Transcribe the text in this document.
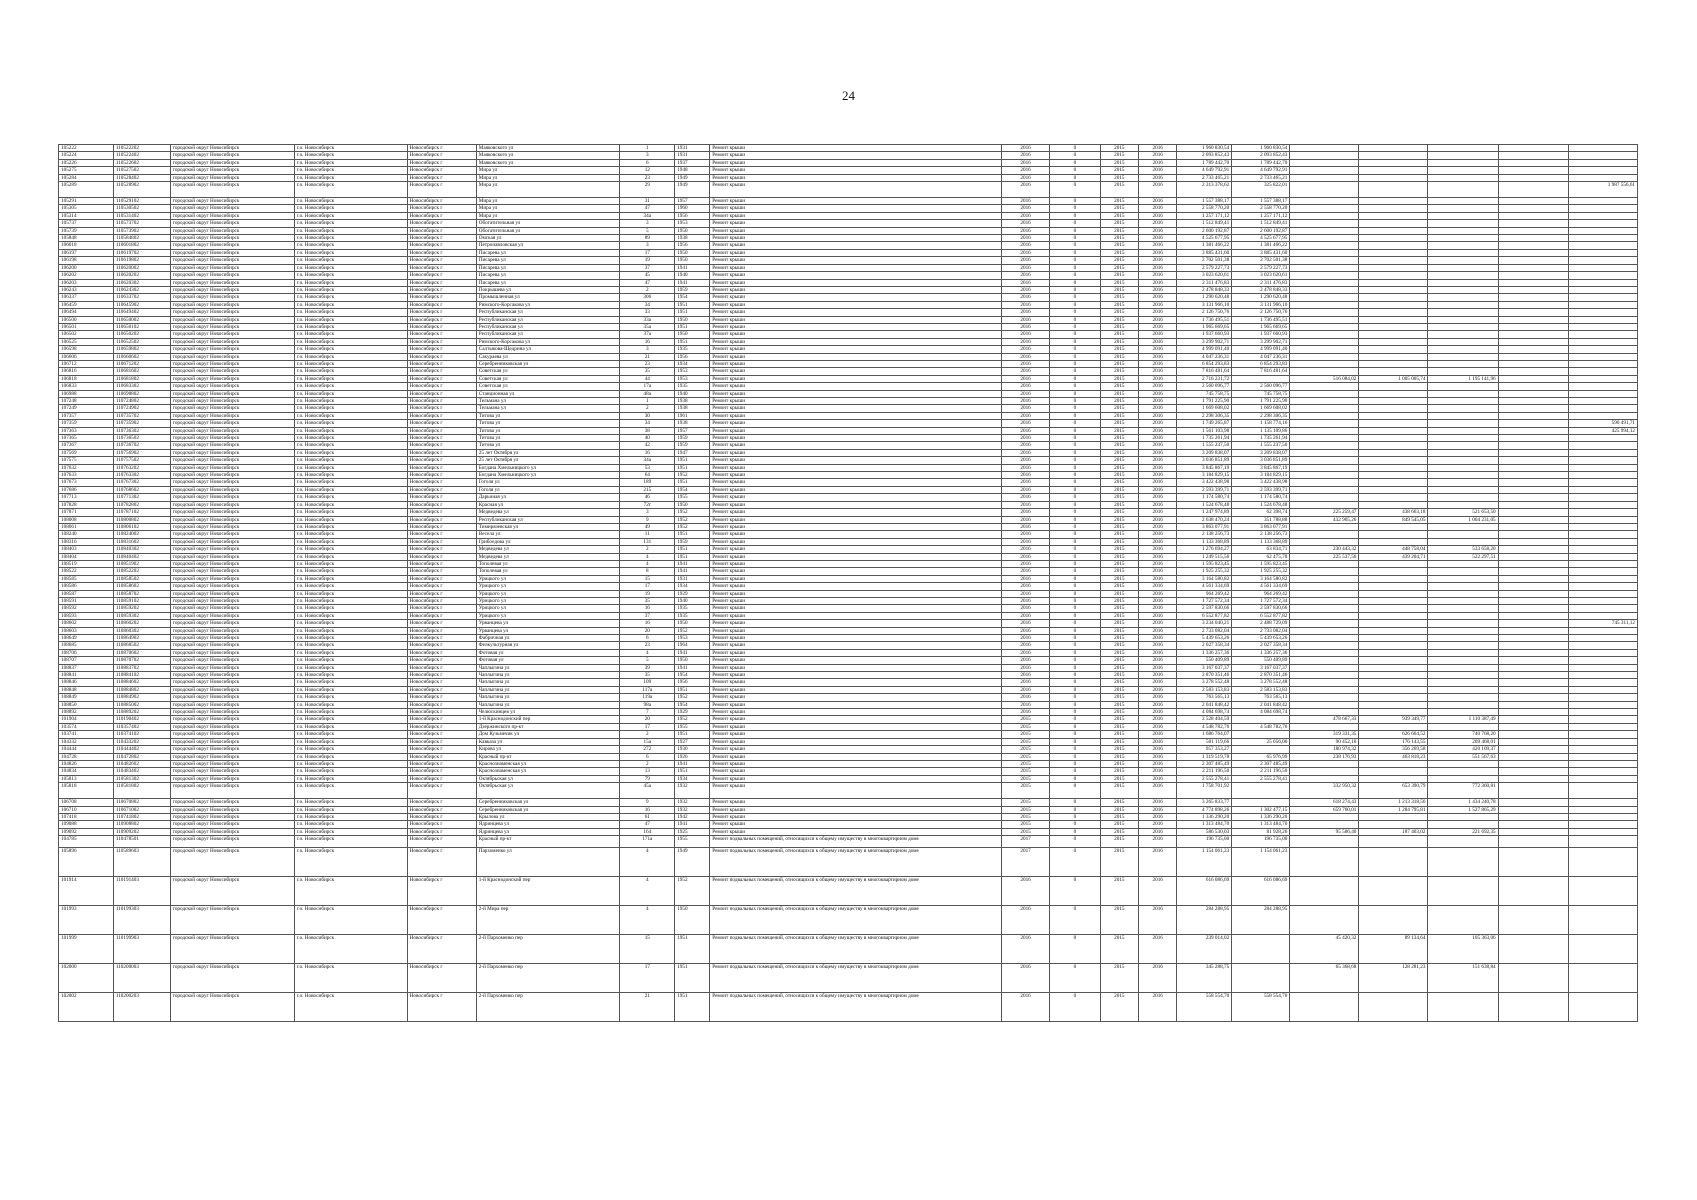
24
105222	110522202	городской округ Новосибирск	г.о. Новосибирск	Новосибирск г	Маяковского ул	1	1931	Ремонт крыши	2016	0	2015	2016	1 960 830,54	1 960 830,54					
105224	110522402	городской округ Новосибирск	г.о. Новосибирск	Новосибирск г	Маяковского ул	3	1931	Ремонт крыши	2016	0	2015	2016	2 093 852,43	2 093 852,43					
105226	110522602	городской округ Новосибирск	г.о. Новосибирск	Новосибирск г	Маяковского ул	6	1937	Ремонт крыши	2016	0	2015	2016	1 789 442,70	1 789 442,70					
105275	110527502	городской округ Новосибирск	г.о. Новосибирск	Новосибирск г	Мира ул	12	1948	Ремонт крыши	2016	0	2015	2016	4 649 792,91	4 649 792,91					
105284	110528402	городской округ Новосибирск	г.о. Новосибирск	Новосибирск г	Мира ул	23	1949	Ремонт крыши	2016	0	2015	2016	2 733 465,21	2 733 465,21					
105289	110528902	городской округ Новосибирск	г.о. Новосибирск	Новосибирск г	Мира ул	29	1949	Ремонт крыши	2016	0	2015	2016	2 313 378,62	325 822,01					1 987 556,61
105291	110529102	городской округ Новосибирск	г.о. Новосибирск	Новосибирск г	Мира ул	31	1957	Ремонт крыши	2016	0	2015	2016	1 557 388,17	1 557 388,17					
105305	110530502	городской округ Новосибирск	г.о. Новосибирск	Новосибирск г	Мира ул	47	1960	Ремонт крыши	2016	0	2015	2016	2 558 770,20	2 558 770,20					
105314	110531402	городской округ Новосибирск	г.о. Новосибирск	Новосибирск г	Мира ул	34а	1956	Ремонт крыши	2016	0	2015	2016	1 257 171,12	1 257 171,12					
105737	110573702	городской округ Новосибирск	г.о. Новосибирск	Новосибирск г	Обогатительная ул	3	1953	Ремонт крыши	2016	0	2015	2016	1 512 849,41	1 512 849,41					
105739	110573902	городской округ Новосибирск	г.о. Новосибирск	Новосибирск г	Обогатительная ул	5	1950	Ремонт крыши	2016	0	2015	2016	2 600 192,87	2 600 192,87					
105848	110584802	городской округ Новосибирск	г.о. Новосибирск	Новосибирск г	Омская ул	89	1938	Ремонт крыши	2016	0	2015	2016	4 525 677,95	4 525 677,95					
106018	110601802	городской округ Новосибирск	г.о. Новосибирск	Новосибирск г	Петропавловская ул	3	1956	Ремонт крыши	2016	0	2015	2016	1 381 466,22	1 381 466,22					
106197	110619702	городской округ Новосибирск	г.о. Новосибирск	Новосибирск г	Писарева ул	17	1950	Ремонт крыши	2016	0	2015	2016	3 885 431,60	3 885 431,60					
106198	110619802	городской округ Новосибирск	г.о. Новосибирск	Новосибирск г	Писарева ул	19	1950	Ремонт крыши	2016	0	2015	2016	2 702 501,38	2 702 501,38					
106200	110620002	городской округ Новосибирск	г.о. Новосибирск	Новосибирск г	Писарева ул	37	1941	Ремонт крыши	2016	0	2015	2016	2 579 227,73	2 579 227,73					
106202	110620202	городской округ Новосибирск	г.о. Новосибирск	Новосибирск г	Писарева ул	45	1940	Ремонт крыши	2016	0	2015	2016	3 023 620,61	3 023 620,61					
106203	110620302	городской округ Новосибирск	г.о. Новосибирск	Новосибирск г	Писарева ул	47	1941	Ремонт крыши	2016	0	2015	2016	2 311 476,83	2 311 476,83					
106243	110624302	городской округ Новосибирск	г.о. Новосибирск	Новосибирск г	Покрышева ул	2	1959	Ремонт крыши	2016	0	2015	2016	2 478 848,33	2 478 848,33					
106337	110633702	городской округ Новосибирск	г.о. Новосибирск	Новосибирск г	Промышленная ул	306	1954	Ремонт крыши	2016	0	2015	2016	1 290 620,48	1 290 620,48					
106459	110645902	городской округ Новосибирск	г.о. Новосибирск	Новосибирск г	Римского-Корсакова ул	34	1951	Ремонт крыши	2016	0	2015	2016	3 131 966,10	3 131 966,10					
106494	110649402	городской округ Новосибирск	г.о. Новосибирск	Новосибирск г	Республиканская ул	33	1951	Ремонт крыши	2016	0	2015	2016	2 126 750,76	2 126 750,76					
106500	110650002	городской округ Новосибирск	г.о. Новосибирск	Новосибирск г	Республиканская ул	33а	1950	Ремонт крыши	2016	0	2015	2016	1 736 495,51	1 736 495,51					
106501	110650102	городской округ Новосибирск	г.о. Новосибирск	Новосибирск г	Республиканская ул	35а	1951	Ремонт крыши	2016	0	2015	2016	1 965 669,65	1 965 669,65					
106502	110650202	городской округ Новосибирск	г.о. Новосибирск	Новосибирск г	Республиканская ул	37а	1950	Ремонт крыши	2016	0	2015	2016	1 937 660,93	1 937 660,93					
106525	110652502	городской округ Новосибирск	г.о. Новосибирск	Новосибирск г	Римского-Корсакова ул	16	1951	Ремонт крыши	2016	0	2015	2016	3 299 902,71	3 299 902,71					
106598	110659802	городской округ Новосибирск	г.о. Новосибирск	Новосибирск г	Салтыкова-Щедрина ул	3	1935	Ремонт крыши	2016	0	2015	2016	4 999 091,40	4 999 091,40					
106606	110660602	городской округ Новосибирск	г.о. Новосибирск	Новосибирск г	Сакураева ул	21	1956	Ремонт крыши	2016	0	2015	2016	4 047 236,31	4 047 236,31					
106712	110671202	городской округ Новосибирск	г.о. Новосибирск	Новосибирск г	Серебренниковская ул	23	1934	Ремонт крыши	2016	0	2015	2016	6 854 293,83	6 854 293,83					
106816	110681602	городской округ Новосибирск	г.о. Новосибирск	Новосибирск г	Советская ул	35	1953	Ремонт крыши	2016	0	2015	2016	7 816 481,64	7 816 481,64					
106818	110681802	городской округ Новосибирск	г.о. Новосибирск	Новосибирск г	Советская ул	44	1953	Ремонт крыши	2016	0	2015	2016	2 716 231,72		516 084,02	1 005 005,74	1 195 141,96		
106833	110683302	городской округ Новосибирск	г.о. Новосибирск	Новосибирск г	Советская ул	17а	1935	Ремонт крыши	2016	0	2015	2016	2 560 096,77	2 560 096,77					
106988	110698802	городской округ Новосибирск	г.о. Новосибирск	Новосибирск г	Станционная ул	48а	1940	Ремонт крыши	2016	0	2015	2016	745 758,75	745 758,75					
107248	110724802	городской округ Новосибирск	г.о. Новосибирск	Новосибирск г	Тельмана ул	1	1938	Ремонт крыши	2016	0	2015	2016	1 791 225,90	1 791 225,90					
107249	110724902	городской округ Новосибирск	г.о. Новосибирск	Новосибирск г	Тельмана ул	2	1938	Ремонт крыши	2016	0	2015	2016	1 669 608,02	1 669 608,02					
107357	110735702	городской округ Новосибирск	г.о. Новосибирск	Новосибирск г	Титова ул	30	1961	Ремонт крыши	2016	0	2015	2016	2 298 306,35	2 298 306,35					
107359	110735902	городской округ Новосибирск	г.о. Новосибирск	Новосибирск г	Титова ул	34	1938	Ремонт крыши	2016	0	2015	2016	1 749 265,87	1 158 774,16					590 491,71
107363	110736302	городской округ Новосибирск	г.о. Новосибирск	Новосибирск г	Титова ул	38	1957	Ремонт крыши	2016	0	2015	2016	1 561 103,98	1 135 109,86					425 994,12
107365	110736502	городской округ Новосибирск	г.о. Новосибирск	Новосибирск г	Титова ул	40	1959	Ремонт крыши	2016	0	2015	2016	1 735 261,94	1 735 261,94					
107367	110736702	городской округ Новосибирск	г.о. Новосибирск	Новосибирск г	Титова ул	42	1959	Ремонт крыши	2016	0	2015	2016	1 555 237,50	1 555 237,50					
107569	110756902	городской округ Новосибирск	г.о. Новосибирск	Новосибирск г	25 лет Октября ул	16	1947	Ремонт крыши	2016	0	2015	2016	3 209 838,07	3 209 838,07					
107575	110757502	городской округ Новосибирск	г.о. Новосибирск	Новосибирск г	25 лет Октября ул	34а	1951	Ремонт крыши	2016	0	2015	2016	3 036 851,89	3 036 851,89					
107632	110763202	городской округ Новосибирск	г.о. Новосибирск	Новосибирск г	Богдана Хмельницкого ул	53	1951	Ремонт крыши	2016	0	2015	2016	3 845 867,19	3 845 867,19					
107633	110763302	городской округ Новосибирск	г.о. Новосибирск	Новосибирск г	Богдана Хмельницкого ул	64	1952	Ремонт крыши	2016	0	2015	2016	3 184 829,15	3 184 829,15					
107673	110767302	городской округ Новосибирск	г.о. Новосибирск	Новосибирск г	Гоголя ул	189	1951	Ремонт крыши	2016	0	2015	2016	3 422 438,98	3 422 438,98					
107686	110768602	городской округ Новосибирск	г.о. Новосибирск	Новосибирск г	Гоголя ул	215	1954	Ремонт крыши	2016	0	2015	2016	2 593 399,71	2 593 399,71					
107713	110771302	городской округ Новосибирск	г.о. Новосибирск	Новосибирск г	Дарьиная ул	46	1955	Ремонт крыши	2016	0	2015	2016	1 174 580,74	1 174 580,74					
107828	110782802	городской округ Новосибирск	г.о. Новосибирск	Новосибирск г	Красная ул	72г	1950	Ремонт крыши	2016	0	2015	2016	1 524 678,48	1 524 678,48					
107871	110787102	городской округ Новосибирск	г.о. Новосибирск	Новосибирск г	Медведева ул	3	1952	Ремонт крыши	2016	0	2015	2016	1 247 974,89	62 398,74	225 259,47	438 663,18	521 653,50		
108008	110800802	городской округ Новосибирск	г.о. Новосибирск	Новосибирск г	Республиканская ул	9	1952	Ремонт крыши	2016	0	2015	2016	2 638 470,24	351 788,88	432 905,26	849 545,05	1 004 231,05		
108061	110806102	городской округ Новосибирск	г.о. Новосибирск	Новосибирск г	Тимирязевская ул	49	1952	Ремонт крыши	2016	0	2015	2016	3 863 077,91	3 863 077,91					
108240	110824002	городской округ Новосибирск	г.о. Новосибирск	Новосибирск г	Весела ул	11	1951	Ремонт крыши	2016	0	2015	2016	2 138 256,73	2 138 256,73					
108316	110831602	городской округ Новосибирск	г.о. Новосибирск	Новосибирск г	Грибоедова ул	131	1959	Ремонт крыши	2016	0	2015	2016	1 133 368,89	1 133 368,89					
108403	110840302	городской округ Новосибирск	г.о. Новосибирск	Новосибирск г	Медведева ул	2	1951	Ремонт крыши	2016	0	2015	2016	1 276 694,27	63 834,71	230 443,32	448 758,04	533 658,20		
108404	110840402	городской округ Новосибирск	г.о. Новосибирск	Новосибирск г	Медведева ул	4	1951	Ремонт крыши	2016	0	2015	2016	1 249 515,56	62 475,78	225 537,56	439 204,71	522 297,51		
108519	110851902	городской округ Новосибирск	г.о. Новосибирск	Новосибирск г	Тополевая ул	4	1941	Ремонт крыши	2016	0	2015	2016	1 595 823,45	1 595 823,45					
108522	110852202	городской округ Новосибирск	г.о. Новосибирск	Новосибирск г	Тополевая ул	8	1941	Ремонт крыши	2016	0	2015	2016	1 925 255,32	1 925 255,32					
108585	110858502	городской округ Новосибирск	г.о. Новосибирск	Новосибирск г	Урицкого ул	15	1931	Ремонт крыши	2016	0	2015	2016	3 164 580,82	3 164 580,82					
108586	110858602	городской округ Новосибирск	г.о. Новосибирск	Новосибирск г	Урицкого ул	17	1934	Ремонт крыши	2016	0	2015	2016	4 561 334,69	4 561 334,69					
108587	110858702	городской округ Новосибирск	г.о. Новосибирск	Новосибирск г	Урицкого ул	19	1929	Ремонт крыши	2016	0	2015	2016	964 269,42	964 269,42					
108591	110859102	городской округ Новосибирск	г.о. Новосибирск	Новосибирск г	Урицкого ул	35	1940	Ремонт крыши	2016	0	2015	2016	1 727 572,34	1 727 572,34					
108592	110859202	городской округ Новосибирск	г.о. Новосибирск	Новосибирск г	Урицкого ул	16	1935	Ремонт крыши	2016	0	2015	2016	2 597 830,66	2 597 830,66					
108593	110859302	городской округ Новосибирск	г.о. Новосибирск	Новосибирск г	Урицкого ул	37	1935	Ремонт крыши	2016	0	2015	2016	6 552 877,82	6 552 877,82					
108602	110860202	городской округ Новосибирск	г.о. Новосибирск	Новосибирск г	Урванцева ул	16	1950	Ремонт крыши	2016	0	2015	2016	3 234 040,21	2 488 729,09					745 311,12
108603	110860302	городской округ Новосибирск	г.о. Новосибирск	Новосибирск г	Урванцева ул	20	1952	Ремонт крыши	2016	0	2015	2016	2 733 082,04	2 733 082,04					
108649	110864902	городской округ Новосибирск	г.о. Новосибирск	Новосибирск г	Фабричная ул	6	1953	Ремонт крыши	2016	0	2015	2016	5 439 653,26	5 439 653,26					
108685	110868502	городской округ Новосибирск	г.о. Новосибирск	Новосибирск г	Физкультурная ул	23	1964	Ремонт крыши	2016	0	2015	2016	2 027 358,34	2 027 358,34					
108706	110870602	городской округ Новосибирск	г.о. Новосибирск	Новосибирск г	Фотовая ул	4	1941	Ремонт крыши	2016	0	2015	2016	1 336 257,36	1 336 257,36					
108707	110870702	городской округ Новосибирск	г.о. Новосибирск	Новосибирск г	Фотовая ул	5	1950	Ремонт крыши	2016	0	2015	2016	550 409,89	550 409,89					
108837	110883702	городской округ Новосибирск	г.о. Новосибирск	Новосибирск г	Чаплыгина ул	39	1941	Ремонт крыши	2016	0	2015	2016	3 167 037,37	3 167 037,37					
108841	110884102	городской округ Новосибирск	г.о. Новосибирск	Новосибирск г	Чаплыгина ул	35	1954	Ремонт крыши	2016	0	2015	2016	2 870 351,46	2 870 351,46					
108846	110884602	городской округ Новосибирск	г.о. Новосибирск	Новосибирск г	Чаплыгина ул	109	1956	Ремонт крыши	2016	0	2015	2016	3 278 552,48	3 278 552,48					
108848	110884802	городской округ Новосибирск	г.о. Новосибирск	Новосибирск г	Чаплыгина ул	117а	1951	Ремонт крыши	2016	0	2015	2016	2 583 153,83	2 583 153,83					
108849	110884902	городской округ Новосибирск	г.о. Новосибирск	Новосибирск г	Чаплыгина ул	119а	1952	Ремонт крыши	2016	0	2015	2016	763 565,13	763 565,13					
108850	110885002	городской округ Новосибирск	г.о. Новосибирск	Новосибирск г	Чаплыгина ул	98а	1954	Ремонт крыши	2016	0	2015	2016	2 041 848,42	2 041 848,42					
108892	110889202	городской округ Новосибирск	г.о. Новосибирск	Новосибирск г	Челюскинцев ул	7	1929	Ремонт крыши	2016	0	2015	2016	4 084 698,74	4 084 698,74					
101904	110190402	городской округ Новосибирск	г.о. Новосибирск	Новосибирск г	1-й Краснодонский пер	20	1952	Ремонт крыши	2015	0	2015	2016	2 528 404,59		478 667,33	939 349,77	1 110 387,49		
103574	110357402	городской округ Новосибирск	г.о. Новосибирск	Новосибирск г	Дзержинского пр-кт	17	1955	Ремонт крыши	2015	0	2015	2016	4 548 782,76	4 548 782,76					
103741	110374102	городской округ Новосибирск	г.о. Новосибирск	Новосибирск г	Дом Кузьмечик ул	2	1951	Ремонт крыши	2015	0	2015	2016	1 686 764,07		319 331,35	626 664,52	740 768,20		
104332	110433202	городской округ Новосибирск	г.о. Новосибирск	Новосибирск г	Кавказа ул	15а	1927	Ремонт крыши	2015	0	2015	2016	501 119,66	25 056,00	90 452,10	176 143,55	209 468,01		
104444	110444402	городской округ Новосибирск	г.о. Новосибирск	Новосибирск г	Кирова ул	272	1930	Ремонт крыши	2015	0	2015	2016	957 353,27		180 974,32	356 269,58	420 109,37		
104728	110472802	городской округ Новосибирск	г.о. Новосибирск	Новосибирск г	Красный пр-кт	6	1926	Ремонт крыши	2015	0	2015	2016	1 319 519,78	65 976,99	238 176,93	463 818,23	551 567,63		
104826	110482602	городской округ Новосибирск	г.о. Новосибирск	Новосибирск г	Краснознаменская ул	2	1941	Ремонт крыши	2015	0	2015	2016	2 307 485,49	2 307 485,49					
104834	110483402	городской округ Новосибирск	г.о. Новосибирск	Новосибирск г	Краснознаменская ул	13	1951	Ремонт крыши	2015	0	2015	2016	2 211 196,50	2 211 196,50					
105813	110581302	городской округ Новосибирск	г.о. Новосибирск	Новосибирск г	Октябрьская ул	79	1934	Ремонт крыши	2015	0	2015	2016	2 555 278,41	2 555 278,41					
105818	110581802	городской округ Новосибирск	г.о. Новосибирск	Новосибирск г	Октябрьская ул	45а	1932	Ремонт крыши	2015	0	2015	2016	1 758 701,92		332 950,32	653 390,79	772 360,81		
106708	110670802	городской округ Новосибирск	г.о. Новосибирск	Новосибирск г	Серебренниковская ул	9	1932	Ремонт крыши	2015	0	2015	2016	3 265 833,77		618 274,43	1 213 318,56	1 434 240,78		
106710	110671002	городской округ Новосибирск	г.о. Новосибирск	Новосибирск г	Серебренниковская ул	16	1932	Ремонт крыши	2015	0	2015	2016	4 774 898,26	1 302 477,15	659 760,01	1 284 795,81	1 527 865,29		
107418	110741802	городской округ Новосибирск	г.о. Новосибирск	Новосибирск г	Крылова ул	61	1942	Ремонт крыши	2015	0	2015	2016	1 336 290,20	1 336 290,20					
109088	110908802	городской округ Новосибирск	г.о. Новосибирск	Новосибирск г	Ядринцева ул	47	1941	Ремонт крыши	2015	0	2015	2016	1 313 484,70	1 313 484,70					
109092	110909202	городской округ Новосибирск	г.о. Новосибирск	Новосибирск г	Ядринцева ул	164	1925	Ремонт крыши	2015	0	2015	2016	586 530,03	81 928,26	95 506,40	187 403,02	221 692,35		
104785	110478501	городской округ Новосибирск	г.о. Новосибирск	Новосибирск г	Красный пр-кт	171а	1955	Ремонт подвальных помещений, относящихся к общему имуществу в многоквартирном доме	2017	0	2015	2016	196 735,00	196 735,00					
105896	110589603	городской округ Новосибирск	г.о. Новосибирск	Новосибирск г	Пархоменко ул	4	1949	Ремонт подвальных помещений, относящихся к общему имуществу в многоквартирном доме	2017	0	2015	2016	1 154 061,23	1 154 061,23					
101914	110191403	городской округ Новосибирск	г.о. Новосибирск	Новосибирск г	1-й Краснодонский пер	4	1952	Ремонт подвальных помещений, относящихся к общему имуществу в многоквартирном доме	2016	0	2015	2016	616 086,69	616 086,69					
101993	110199303	городской округ Новосибирск	г.о. Новосибирск	Новосибирск г	2-й Мира пер	4	1950	Ремонт подвальных помещений, относящихся к общему имуществу в многоквартирном доме	2016	0	2015	2016	284 288,95	284 288,95					
101999	110199903	городской округ Новосибирск	г.о. Новосибирск	Новосибирск г	2-й Пархоменко пер	15	1951	Ремонт подвальных помещений, относящихся к общему имуществу в многоквартирном доме	2016	0	2015	2016	239 014,02		45 420,32	89 134,64	105 363,06		
102000	110200003	городской округ Новосибирск	г.о. Новосибирск	Новосибирск г	2-й Пархоменко пер	17	1951	Ремонт подвальных помещений, относящихся к общему имуществу в многоквартирном доме	2016	0	2015	2016	345 288,75		65 368,68	128 281,23	151 638,84		
102002	110200203	городской округ Новосибирск	г.о. Новосибирск	Новосибирск г	2-й Пархоменко пер	21	1951	Ремонт подвальных помещений, относящихся к общему имуществу в многоквартирном доме	2016	0	2015	2016	558 554,70	558 554,70					
